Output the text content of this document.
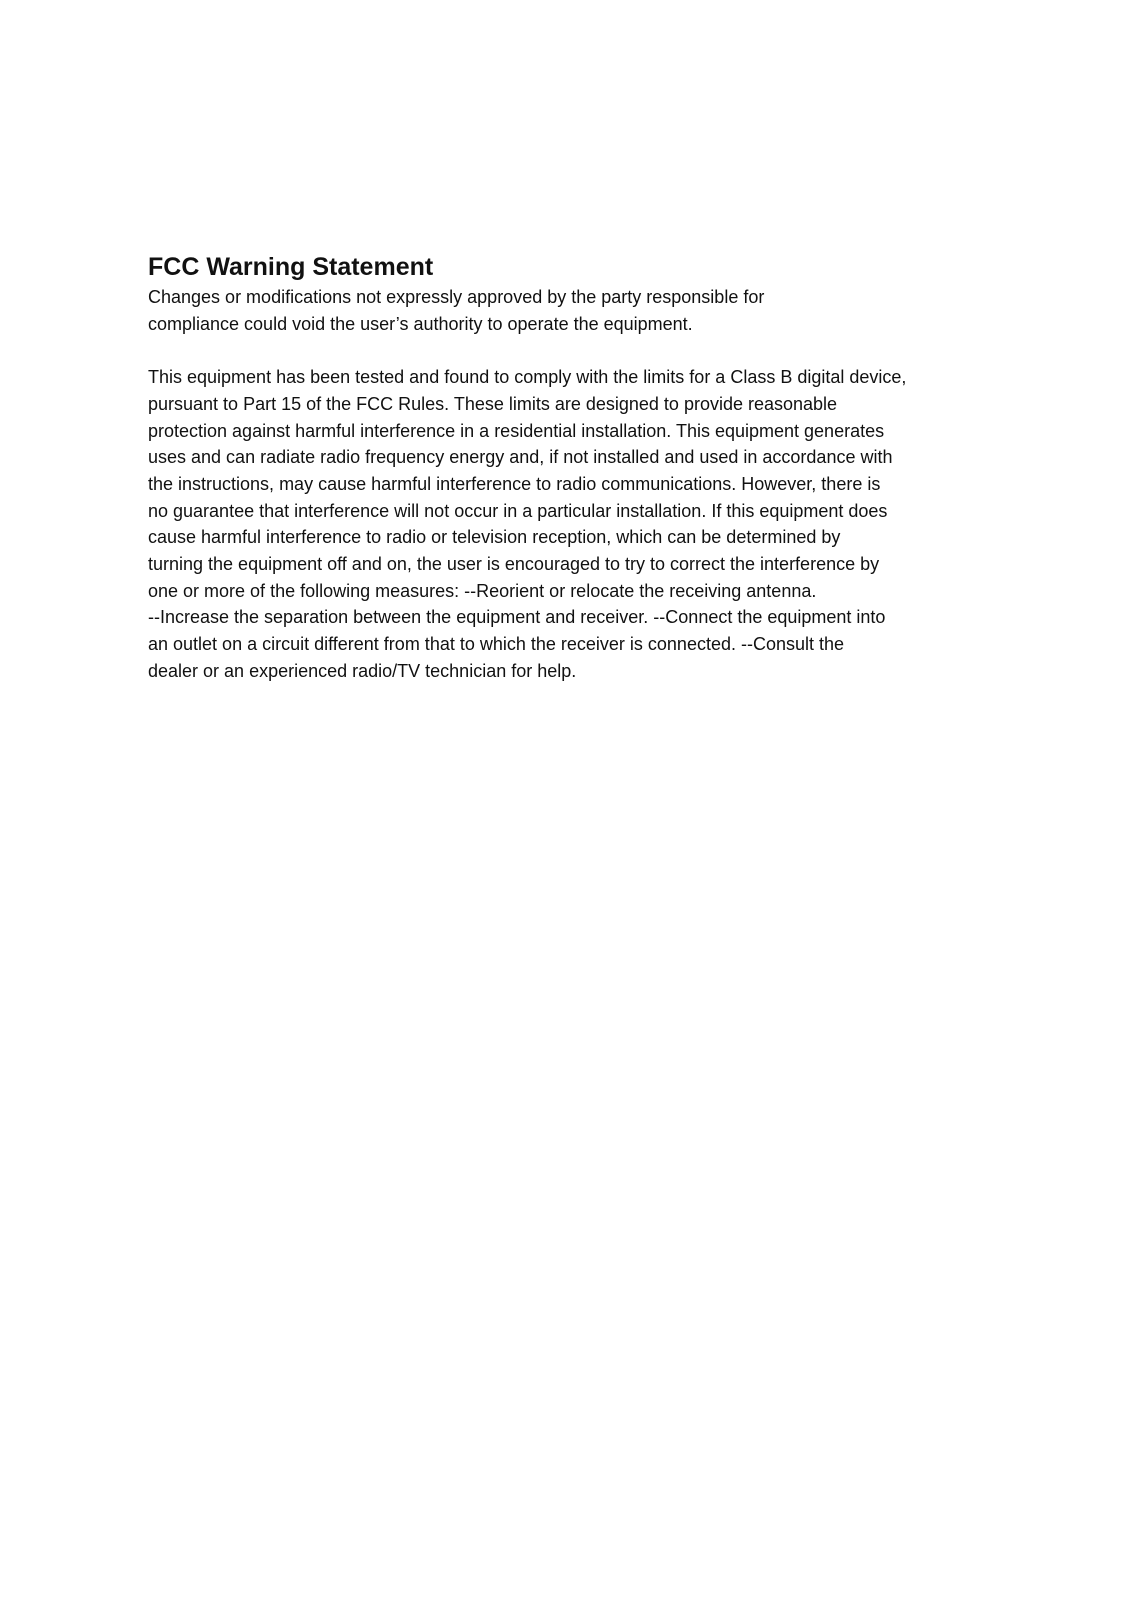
FCC Warning Statement

Changes or modifications not expressly approved by the party responsible for
compliance could void the user’s authority to operate the equipment.

This equipment has been tested and found to comply with the limits for a Class B digital device,
pursuant to Part 15 of the FCC Rules. These limits are designed to provide reasonable
protection against harmful interference in a residential installation. This equipment generates
uses and can radiate radio frequency energy and, if not installed and used in accordance with
the instructions, may cause harmful interference to radio communications. However, there is
no guarantee that interference will not occur in a particular installation. If this equipment does
cause harmful interference to radio or television reception, which can be determined by
turning the equipment off and on, the user is encouraged to try to correct the interference by
one or more of the following measures: --Reorient or relocate the receiving antenna.
--Increase the separation between the equipment and receiver. --Connect the equipment into
an outlet on a circuit different from that to which the receiver is connected. --Consult the
dealer or an experienced radio/TV technician for help.
